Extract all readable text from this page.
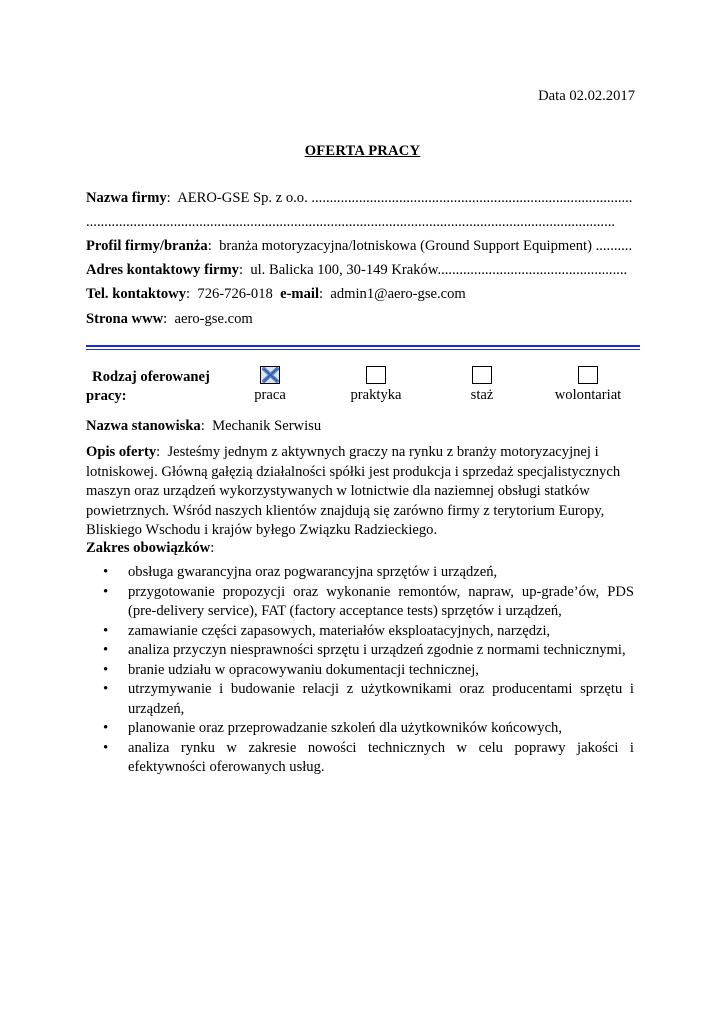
Data 02.02.2017
OFERTA PRACY
Nazwa firmy:  AERO-GSE Sp. z o.o. ........................................................................................
.................................................................................................................................................
Profil firmy/branża:  branża motoryzacyjna/lotniskowa (Ground Support Equipment) ..........
Adres kontaktowy firmy:  ul. Balicka 100, 30-149 Kraków....................................................
Tel. kontaktowy:  726-726-018 e-mail:  admin1@aero-gse.com
Strona www:  aero-gse.com
Rodzaj oferowanej
pracy:	praca	praktyka	staż	wolontariat
Nazwa stanowiska:  Mechanik Serwisu
Opis oferty:  Jesteśmy jednym z aktywnych graczy na rynku z branży motoryzacyjnej i lotniskowej. Główną gałęzią działalności spółki jest produkcja i sprzedaż specjalistycznych maszyn oraz urządzeń wykorzystywanych w lotnictwie dla naziemnej obsługi statków powietrznych. Wśród naszych klientów znajdują się zarówno firmy z terytorium Europy, Bliskiego Wschodu i krajów byłego Związku Radzieckiego.
Zakres obowiązków:
• obsługa gwarancyjna oraz pogwarancyjna sprzętów i urządzeń,
• przygotowanie propozycji oraz wykonanie remontów, napraw, up-grade’ów, PDS (pre-delivery service), FAT (factory acceptance tests) sprzętów i urządzeń,
• zamawianie części zapasowych, materiałów eksploatacyjnych, narzędzi,
• analiza przyczyn niesprawności sprzętu i urządzeń zgodnie z normami technicznymi,
• branie udziału w opracowywaniu dokumentacji technicznej,
• utrzymywanie i budowanie relacji z użytkownikami oraz producentami sprzętu i urządzeń,
• planowanie oraz przeprowadzanie szkoleń dla użytkowników końcowych,
• analiza rynku w zakresie nowości technicznych w celu poprawy jakości i efektywności oferowanych usług.
